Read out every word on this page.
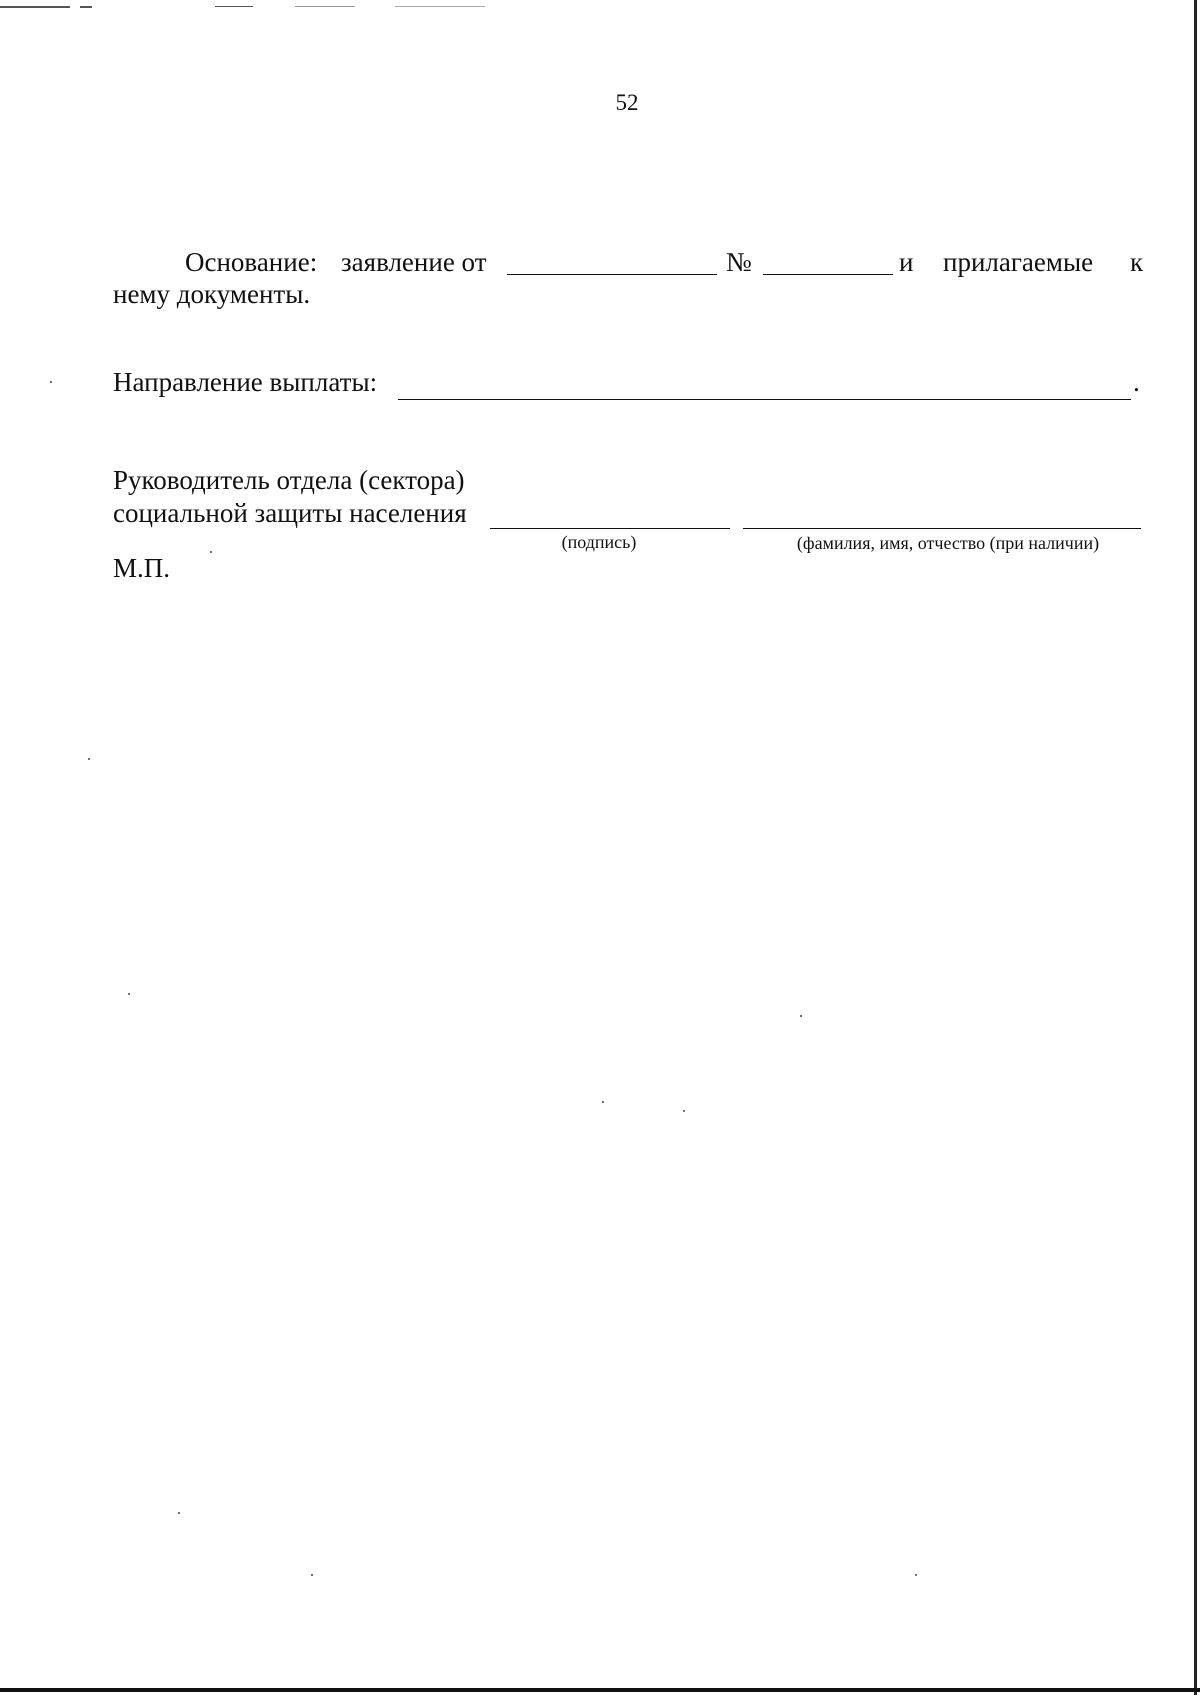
52
Основание: заявление от	№	и прилагаемые к
нему документы.
Направление выплаты:	.
Руководитель отдела (сектора)
социальной защиты населения
(подпись)	(фамилия, имя, отчество (при наличии)
М.П.
